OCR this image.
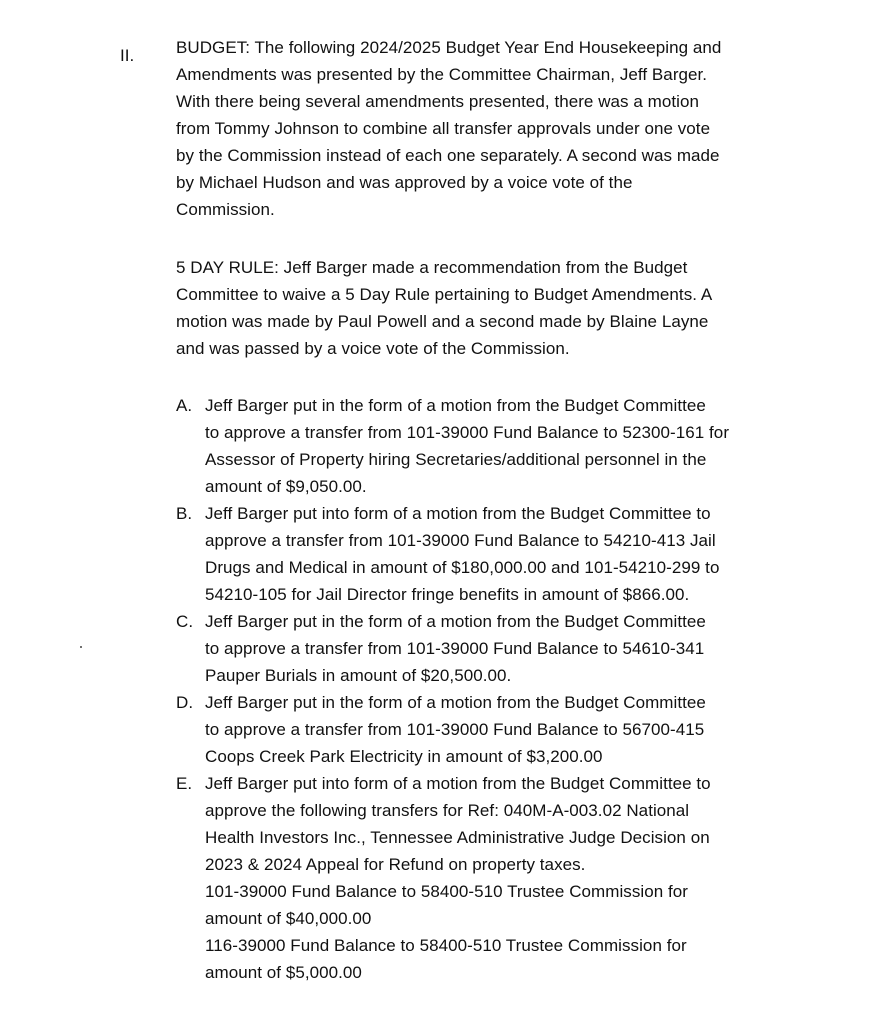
II. BUDGET: The following 2024/2025 Budget Year End Housekeeping and
Amendments was presented by the Committee Chairman, Jeff Barger.
With there being several amendments presented, there was a motion
from Tommy Johnson to combine all transfer approvals under one vote
by the Commission instead of each one separately. A second was made
by Michael Hudson and was approved by a voice vote of the
Commission.
5 DAY RULE: Jeff Barger made a recommendation from the Budget
Committee to waive a 5 Day Rule pertaining to Budget Amendments. A
motion was made by Paul Powell and a second made by Blaine Layne
and was passed by a voice vote of the Commission.
A. Jeff Barger put in the form of a motion from the Budget Committee
to approve a transfer from 101-39000 Fund Balance to 52300-161 for
Assessor of Property hiring Secretaries/additional personnel in the
amount of $9,050.00.
B. Jeff Barger put into form of a motion from the Budget Committee to
approve a transfer from 101-39000 Fund Balance to 54210-413 Jail
Drugs and Medical in amount of $180,000.00 and 101-54210-299 to
54210-105 for Jail Director fringe benefits in amount of $866.00.
C. Jeff Barger put in the form of a motion from the Budget Committee
to approve a transfer from 101-39000 Fund Balance to 54610-341
Pauper Burials in amount of $20,500.00.
D. Jeff Barger put in the form of a motion from the Budget Committee
to approve a transfer from 101-39000 Fund Balance to 56700-415
Coops Creek Park Electricity in amount of $3,200.00
E. Jeff Barger put into form of a motion from the Budget Committee to
approve the following transfers for Ref: 040M-A-003.02 National
Health Investors Inc., Tennessee Administrative Judge Decision on
2023 & 2024 Appeal for Refund on property taxes.
101-39000 Fund Balance to 58400-510 Trustee Commission for
amount of $40,000.00
116-39000 Fund Balance to 58400-510 Trustee Commission for
amount of $5,000.00
